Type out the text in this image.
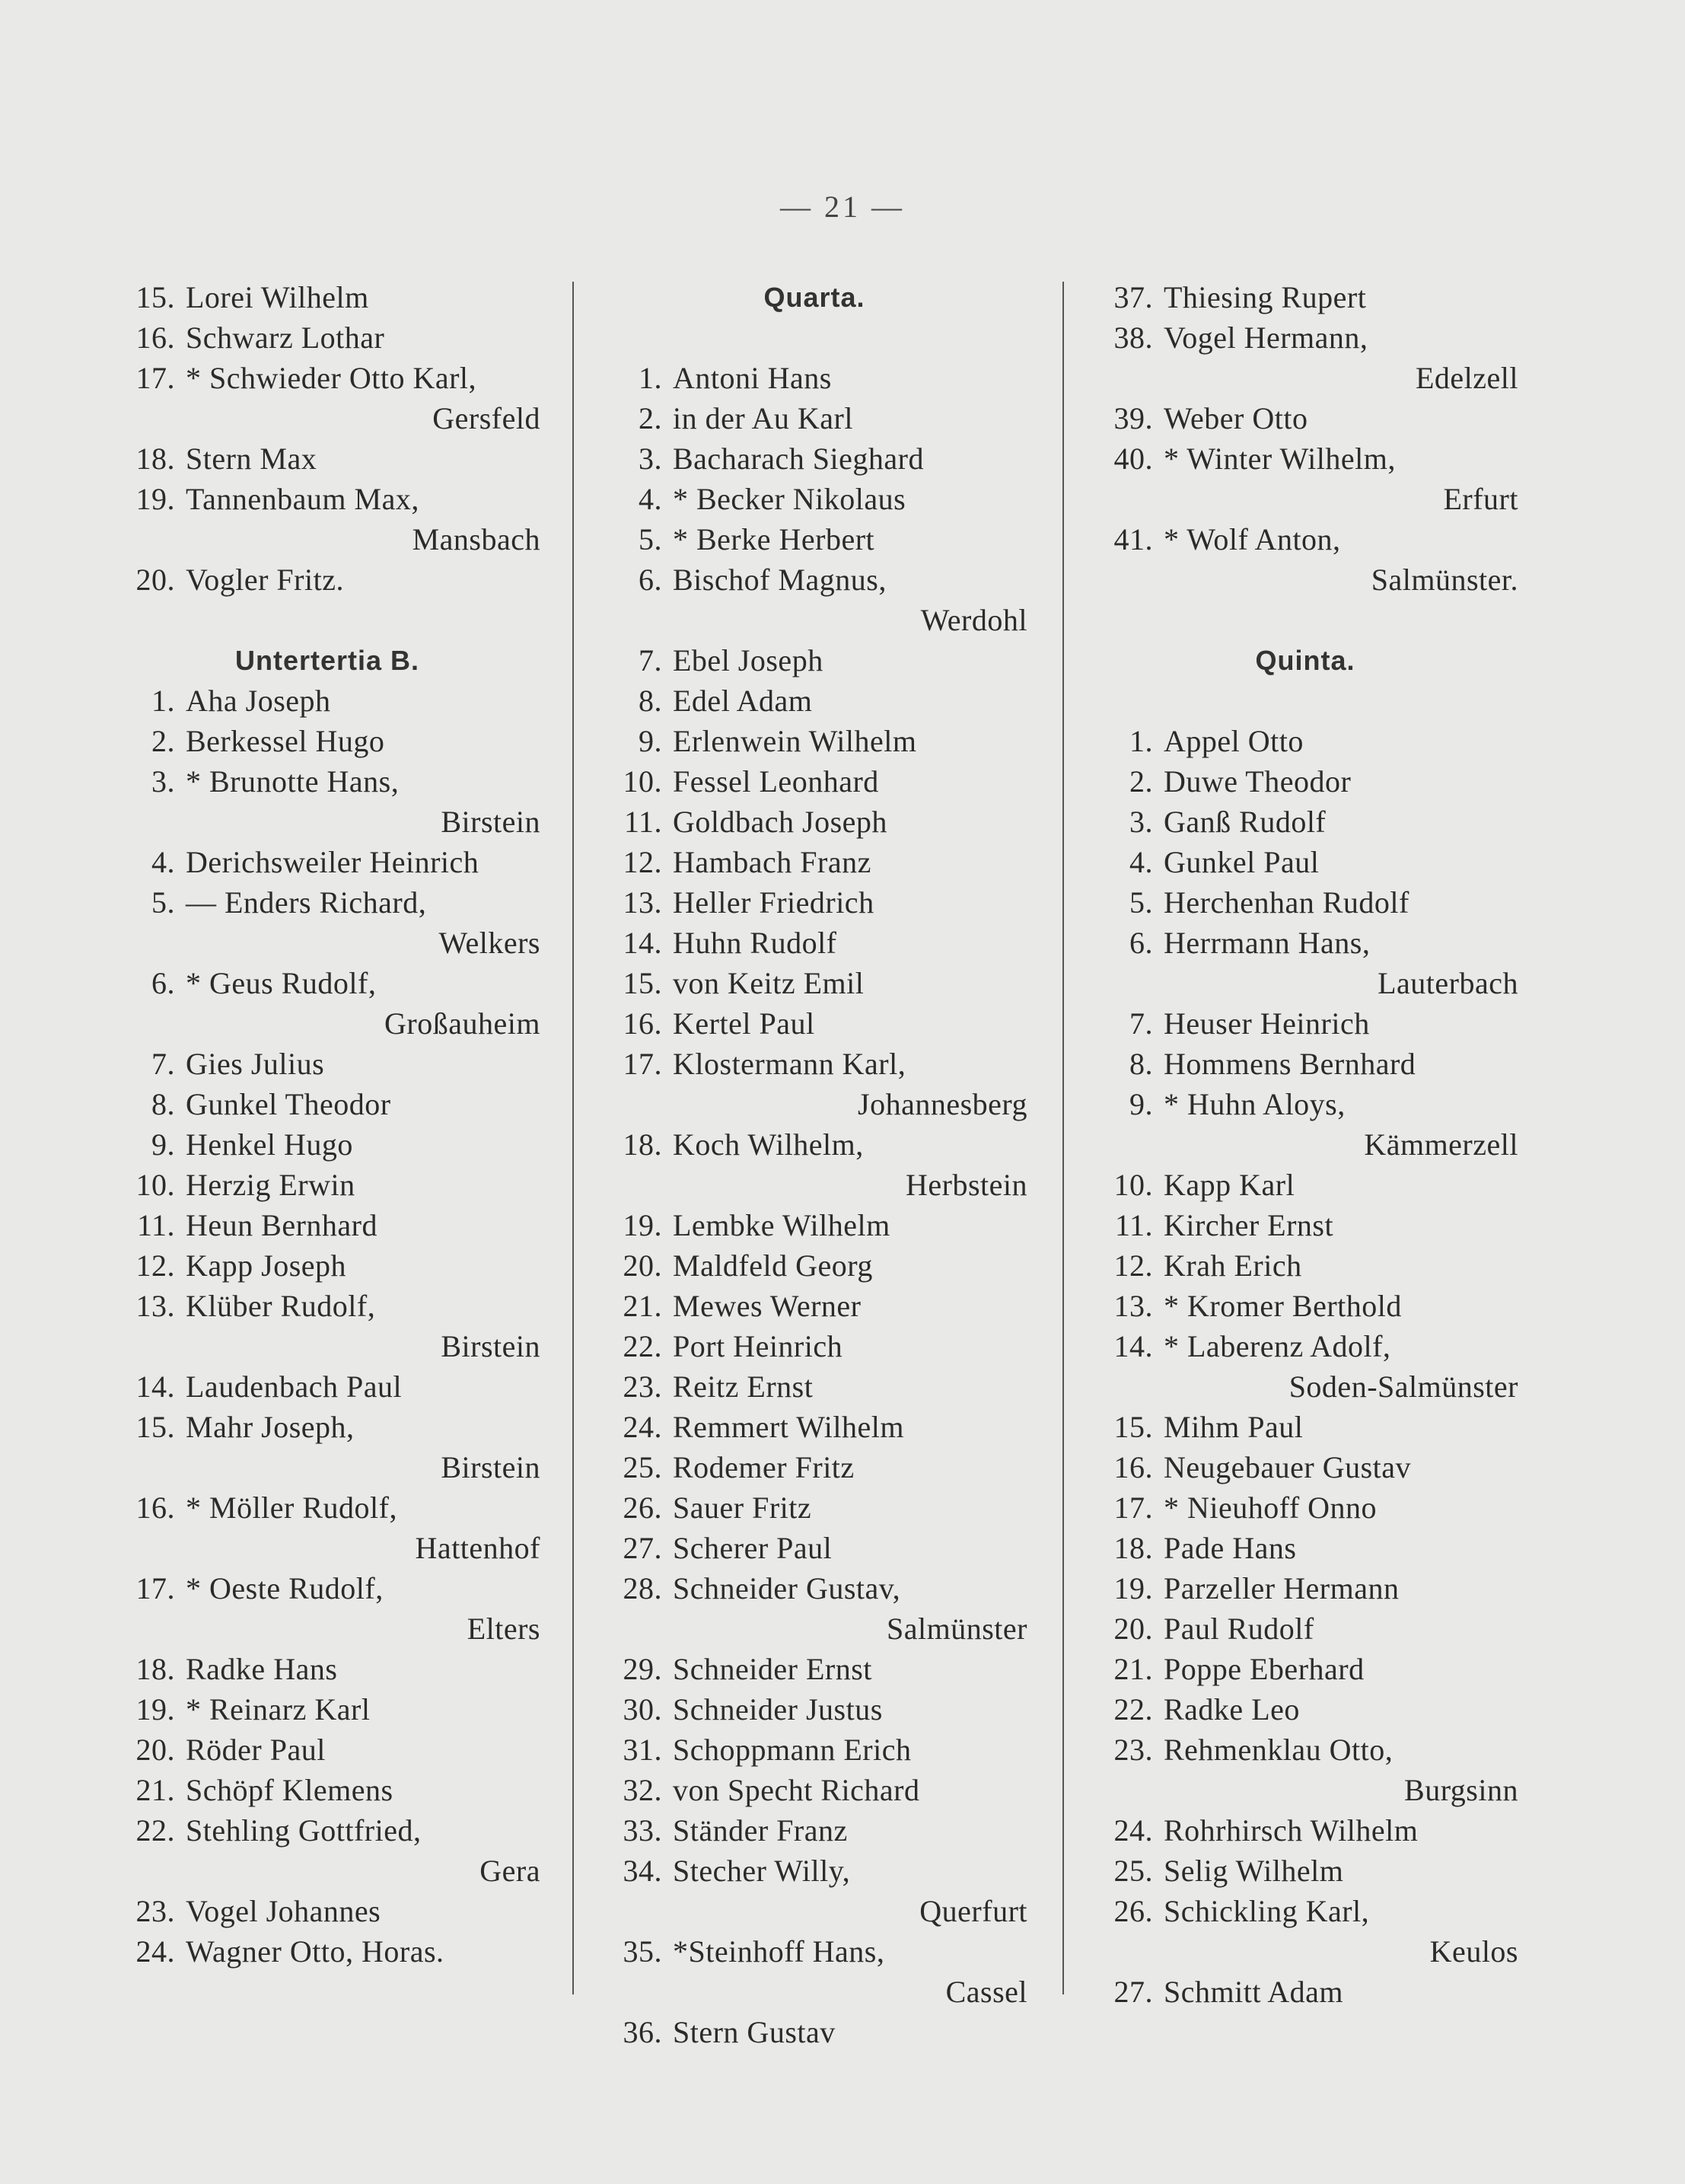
— 21 —
15. Lorei Wilhelm
16. Schwarz Lothar
17. * Schwieder Otto Karl,
Gersfeld
18. Stern Max
19. Tannenbaum Max,
Mansbach
20. Vogler Fritz.
Untertertia B.
1. Aha Joseph
2. Berkessel Hugo
3. * Brunotte Hans,
Birstein
4. Derichsweiler Heinrich
5. — Enders Richard,
Welkers
6. * Geus Rudolf,
Großauheim
7. Gies Julius
8. Gunkel Theodor
9. Henkel Hugo
10. Herzig Erwin
11. Heun Bernhard
12. Kapp Joseph
13. Klüber Rudolf,
Birstein
14. Laudenbach Paul
15. Mahr Joseph,
Birstein
16. * Möller Rudolf,
Hattenhof
17. * Oeste Rudolf,
Elters
18. Radke Hans
19. * Reinarz Karl
20. Röder Paul
21. Schöpf Klemens
22. Stehling Gottfried,
Gera
23. Vogel Johannes
24. Wagner Otto, Horas.
Quarta.
1. Antoni Hans
2. in der Au Karl
3. Bacharach Sieghard
4. * Becker Nikolaus
5. * Berke Herbert
6. Bischof Magnus,
Werdohl
7. Ebel Joseph
8. Edel Adam
9. Erlenwein Wilhelm
10. Fessel Leonhard
11. Goldbach Joseph
12. Hambach Franz
13. Heller Friedrich
14. Huhn Rudolf
15. von Keitz Emil
16. Kertel Paul
17. Klostermann Karl,
Johannesberg
18. Koch Wilhelm,
Herbstein
19. Lembke Wilhelm
20. Maldfeld Georg
21. Mewes Werner
22. Port Heinrich
23. Reitz Ernst
24. Remmert Wilhelm
25. Rodemer Fritz
26. Sauer Fritz
27. Scherer Paul
28. Schneider Gustav,
Salmünster
29. Schneider Ernst
30. Schneider Justus
31. Schoppmann Erich
32. von Specht Richard
33. Ständer Franz
34. Stecher Willy,
Querfurt
35. *Steinhoff Hans,
Cassel
36. Stern Gustav
37. Thiesing Rupert
38. Vogel Hermann,
Edelzell
39. Weber Otto
40. * Winter Wilhelm,
Erfurt
41. * Wolf Anton,
Salmünster.
Quinta.
1. Appel Otto
2. Duwe Theodor
3. Ganß Rudolf
4. Gunkel Paul
5. Herchenhan Rudolf
6. Herrmann Hans,
Lauterbach
7. Heuser Heinrich
8. Hommens Bernhard
9. * Huhn Aloys,
Kämmerzell
10. Kapp Karl
11. Kircher Ernst
12. Krah Erich
13. * Kromer Berthold
14. * Laberenz Adolf,
Soden-Salmünster
15. Mihm Paul
16. Neugebauer Gustav
17. * Nieuhoff Onno
18. Pade Hans
19. Parzeller Hermann
20. Paul Rudolf
21. Poppe Eberhard
22. Radke Leo
23. Rehmenklau Otto,
Burgsinn
24. Rohrhirsch Wilhelm
25. Selig Wilhelm
26. Schickling Karl,
Keulos
27. Schmitt Adam
